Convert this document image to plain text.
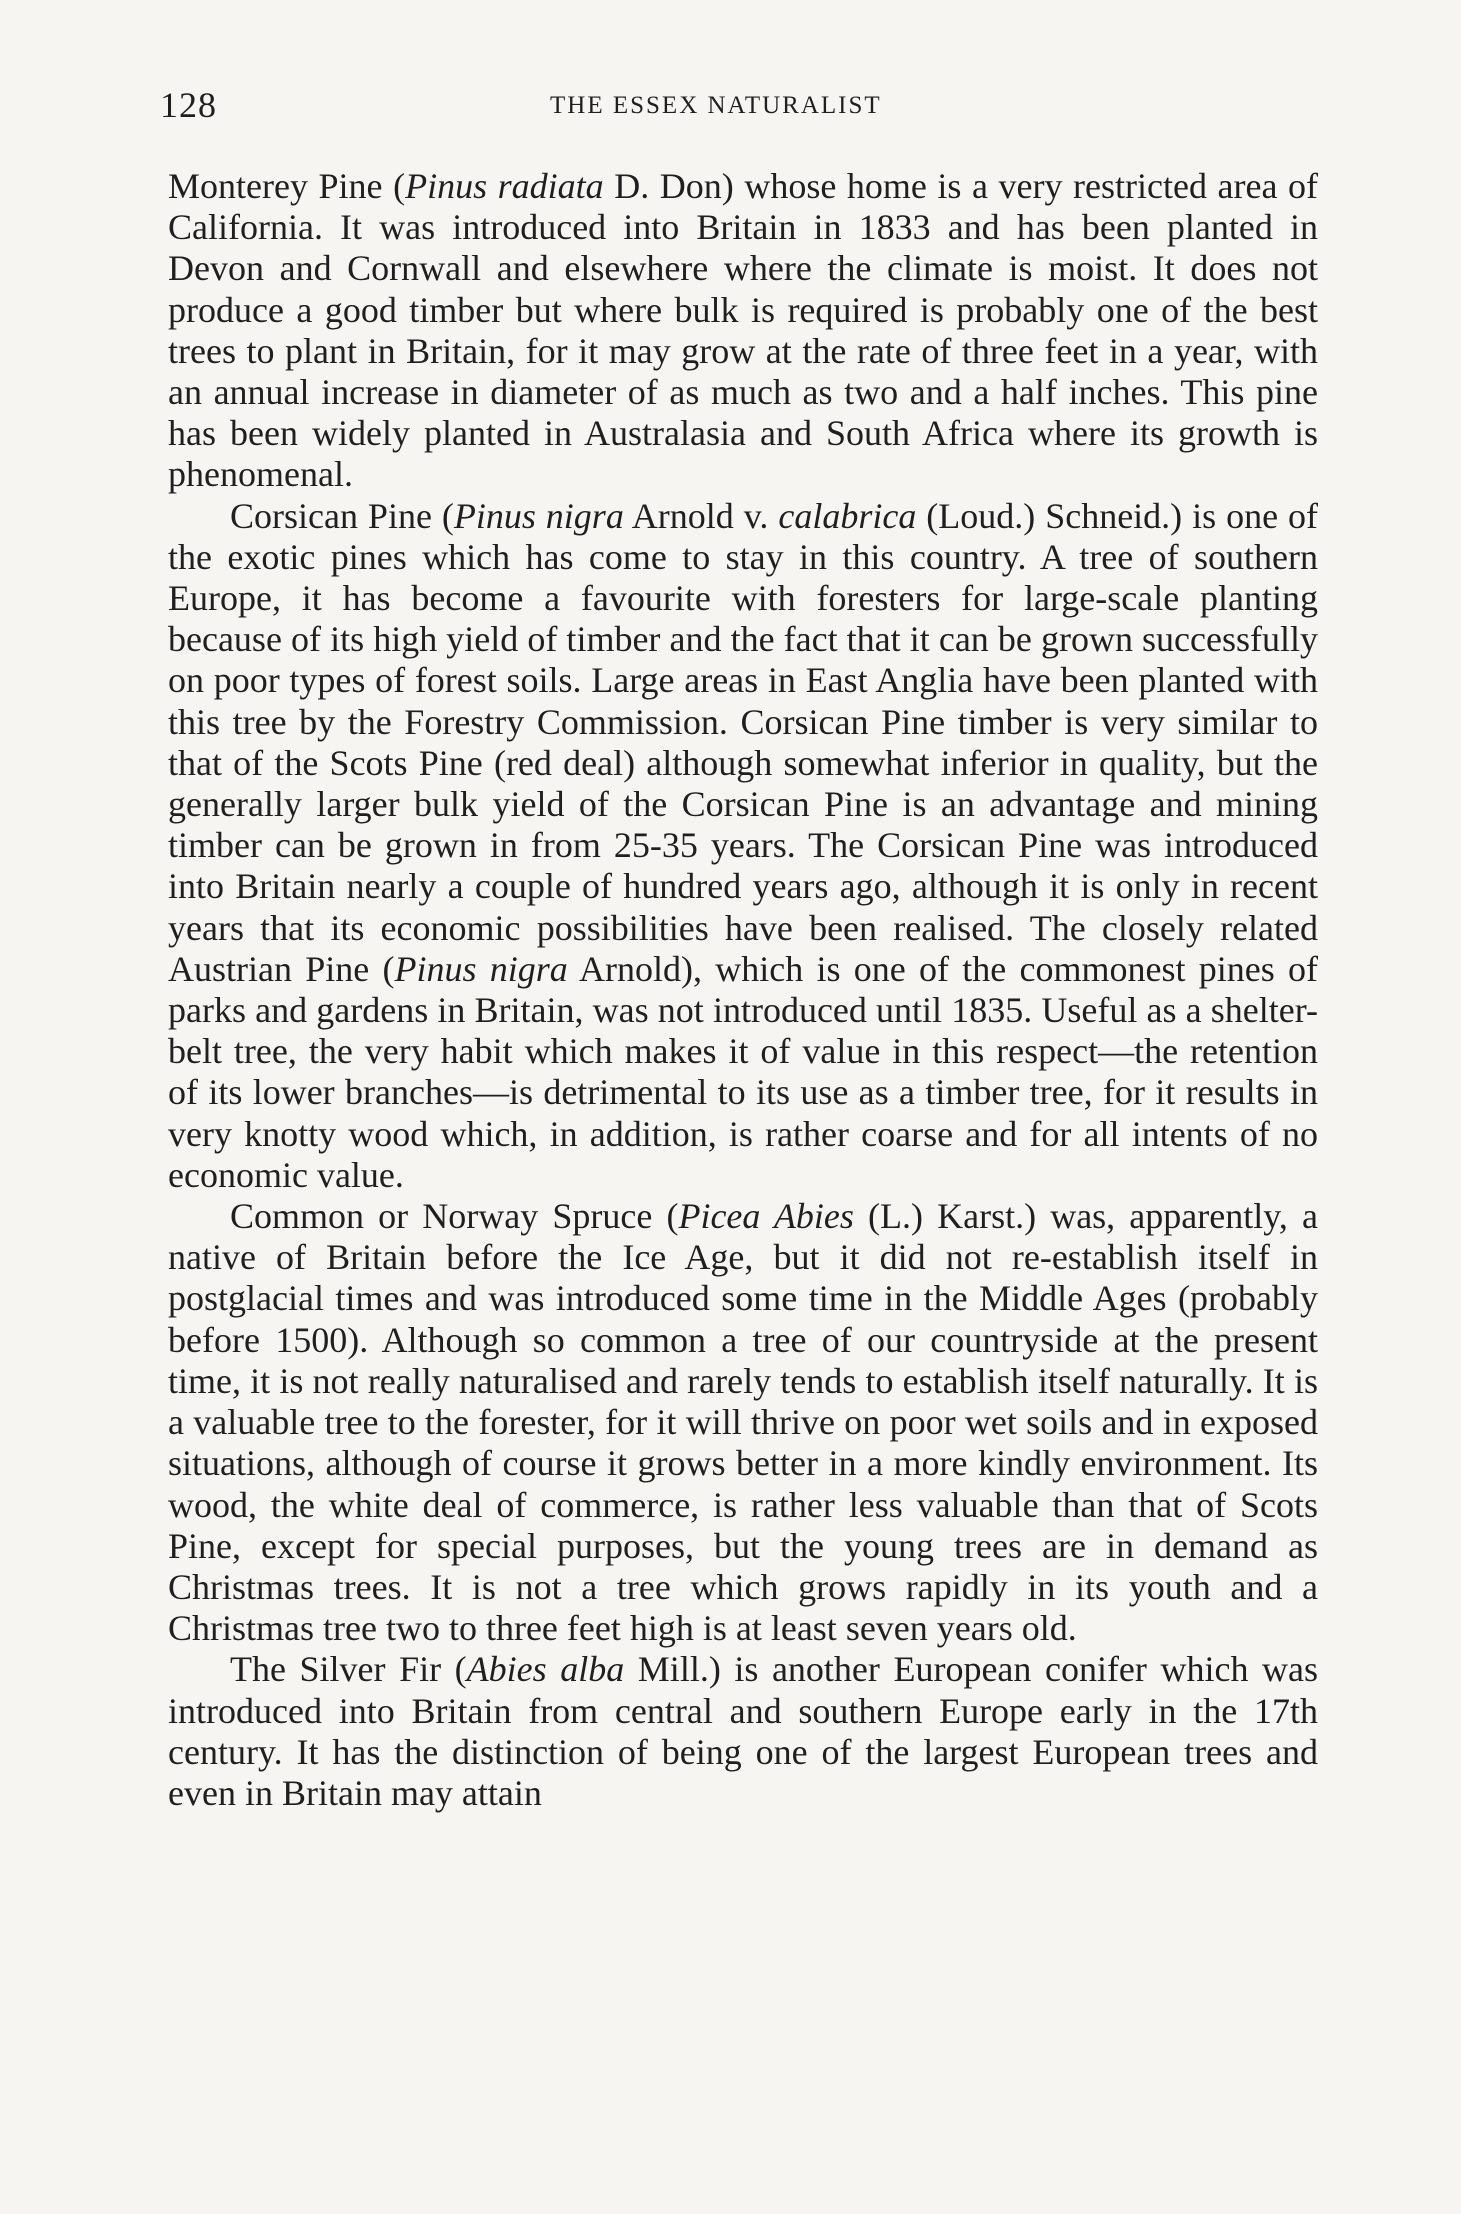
128	THE ESSEX NATURALIST

Monterey Pine (Pinus radiata D. Don) whose home is a very restricted area of California. It was introduced into Britain in 1833 and has been planted in Devon and Cornwall and elsewhere where the climate is moist. It does not produce a good timber but where bulk is required is probably one of the best trees to plant in Britain, for it may grow at the rate of three feet in a year, with an annual increase in diameter of as much as two and a half inches. This pine has been widely planted in Australasia and South Africa where its growth is phenomenal.

Corsican Pine (Pinus nigra Arnold v. calabrica (Loud.) Schneid.) is one of the exotic pines which has come to stay in this country. A tree of southern Europe, it has become a favourite with foresters for large-scale planting because of its high yield of timber and the fact that it can be grown successfully on poor types of forest soils. Large areas in East Anglia have been planted with this tree by the Forestry Commission. Corsican Pine timber is very similar to that of the Scots Pine (red deal) although somewhat inferior in quality, but the generally larger bulk yield of the Corsican Pine is an advantage and mining timber can be grown in from 25-35 years. The Corsican Pine was introduced into Britain nearly a couple of hundred years ago, although it is only in recent years that its economic possibilities have been realised. The closely related Austrian Pine (Pinus nigra Arnold), which is one of the commonest pines of parks and gardens in Britain, was not introduced until 1835. Useful as a shelter-belt tree, the very habit which makes it of value in this respect—the retention of its lower branches—is detrimental to its use as a timber tree, for it results in very knotty wood which, in addition, is rather coarse and for all intents of no economic value.

Common or Norway Spruce (Picea Abies (L.) Karst.) was, apparently, a native of Britain before the Ice Age, but it did not re-establish itself in postglacial times and was introduced some time in the Middle Ages (probably before 1500). Although so common a tree of our countryside at the present time, it is not really naturalised and rarely tends to establish itself naturally. It is a valuable tree to the forester, for it will thrive on poor wet soils and in exposed situations, although of course it grows better in a more kindly environment. Its wood, the white deal of commerce, is rather less valuable than that of Scots Pine, except for special purposes, but the young trees are in demand as Christmas trees. It is not a tree which grows rapidly in its youth and a Christmas tree two to three feet high is at least seven years old.

The Silver Fir (Abies alba Mill.) is another European conifer which was introduced into Britain from central and southern Europe early in the 17th century. It has the distinction of being one of the largest European trees and even in Britain may attain
